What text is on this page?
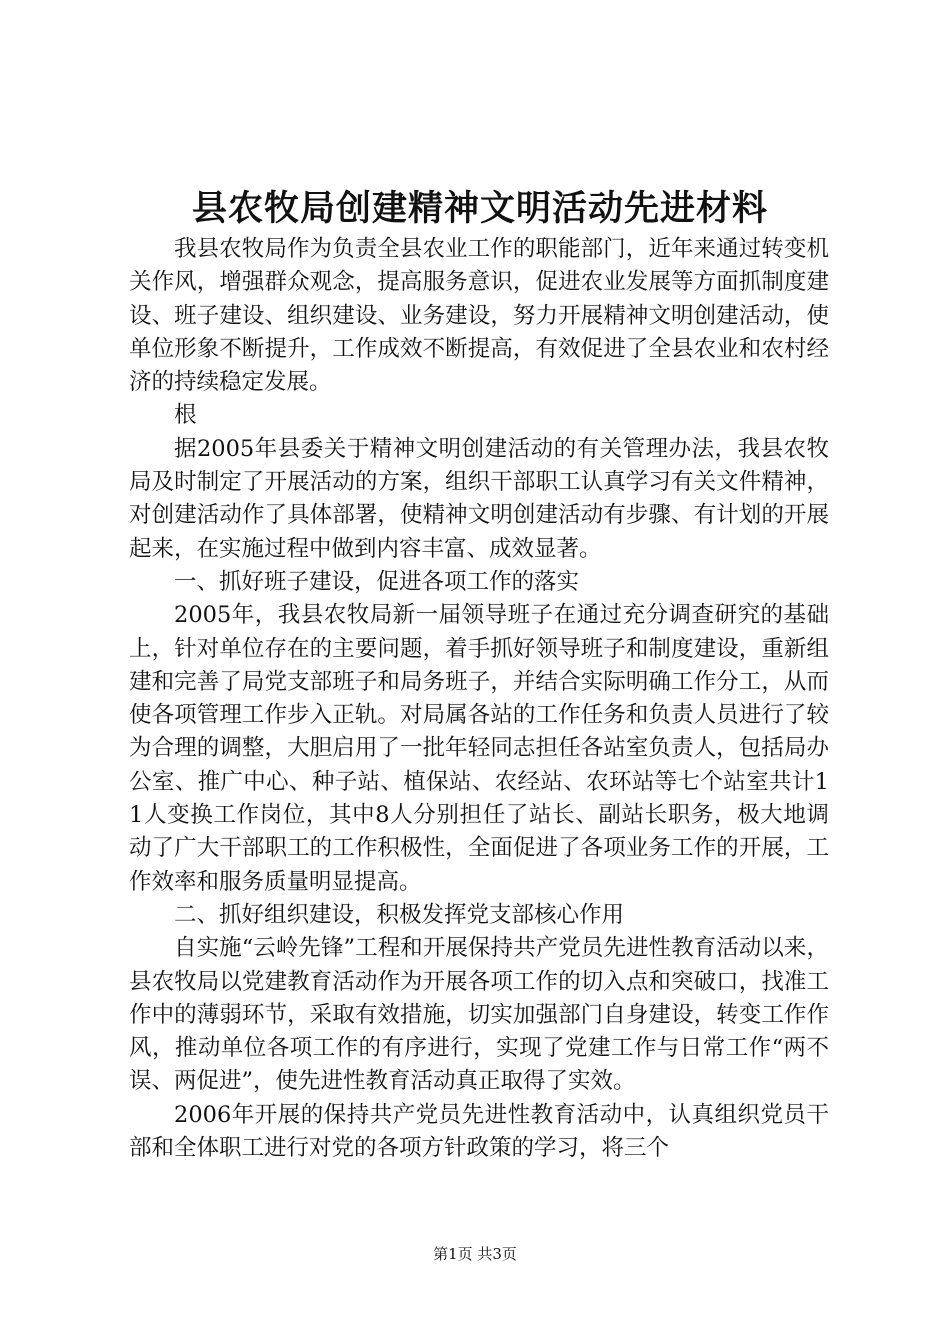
县农牧局创建精神文明活动先进材料

我县农牧局作为负责全县农业工作的职能部门，近年来通过转变机关作风，增强群众观念，提高服务意识，促进农业发展等方面抓制度建设、班子建设、组织建设、业务建设，努力开展精神文明创建活动，使单位形象不断提升，工作成效不断提高，有效促进了全县农业和农村经济的持续稳定发展。

根

据2005年县委关于精神文明创建活动的有关管理办法，我县农牧局及时制定了开展活动的方案，组织干部职工认真学习有关文件精神，对创建活动作了具体部署，使精神文明创建活动有步骤、有计划的开展起来，在实施过程中做到内容丰富、成效显著。

一、抓好班子建设，促进各项工作的落实

2005年，我县农牧局新一届领导班子在通过充分调查研究的基础上，针对单位存在的主要问题，着手抓好领导班子和制度建设，重新组建和完善了局党支部班子和局务班子，并结合实际明确工作分工，从而使各项管理工作步入正轨。对局属各站的工作任务和负责人员进行了较为合理的调整，大胆启用了一批年轻同志担任各站室负责人，包括局办公室、推广中心、种子站、植保站、农经站、农环站等七个站室共计11人变换工作岗位，其中8人分别担任了站长、副站长职务，极大地调动了广大干部职工的工作积极性，全面促进了各项业务工作的开展，工作效率和服务质量明显提高。

二、抓好组织建设，积极发挥党支部核心作用

自实施“云岭先锋”工程和开展保持共产党员先进性教育活动以来，县农牧局以党建教育活动作为开展各项工作的切入点和突破口，找准工作中的薄弱环节，采取有效措施，切实加强部门自身建设，转变工作作风，推动单位各项工作的有序进行，实现了党建工作与日常工作“两不误、两促进”，使先进性教育活动真正取得了实效。

2006年开展的保持共产党员先进性教育活动中，认真组织党员干部和全体职工进行对党的各项方针政策的学习，将三个

第1页 共3页
